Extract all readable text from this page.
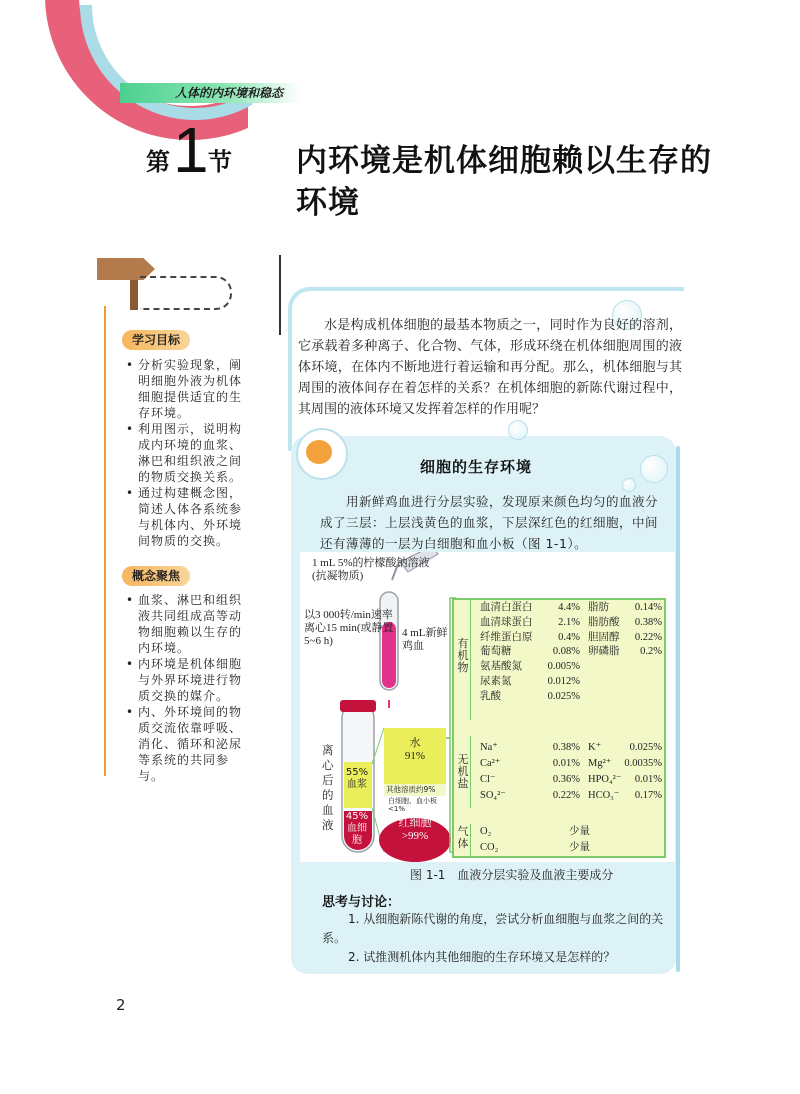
人体的内环境和稳态
第 1 节 内环境是机体细胞赖以生存的环境
学习目标
• 分析实验现象，阐明细胞外液为机体细胞提供适宜的生存环境。
• 利用图示，说明构成内环境的血浆、淋巴和组织液之间的物质交换关系。
• 通过构建概念图，简述人体各系统参与机体内、外环境间物质的交换。
概念聚焦
• 血浆、淋巴和组织液共同组成高等动物细胞赖以生存的内环境。
• 内环境是机体细胞与外界环境进行物质交换的媒介。
• 内、外环境间的物质交流依靠呼吸、消化、循环和泌尿等系统的共同参与。
水是构成机体细胞的最基本物质之一，同时作为良好的溶剂，它承载着多种离子、化合物、气体，形成环绕在机体细胞周围的液体环境，在体内不断地进行着运输和再分配。那么，机体细胞与其周围的液体间存在着怎样的关系？在机体细胞的新陈代谢过程中，其周围的液体环境又发挥着怎样的作用呢？
细胞的生存环境
用新鲜鸡血进行分层实验，发现原来颜色均匀的血液分成了三层：上层浅黄色的血浆，下层深红色的红细胞，中间还有薄薄的一层为白细胞和血小板（图 1-1）。
1 mL 5%的柠檬酸钠溶液(抗凝物质)
以3 000转/min速率离心15 min(或静置5~6 h)
4 mL新鲜鸡血
离心后的血液
55%血浆
45%血细胞
水91%
其他溶质约9%
白细胞、血小板<1%
红细胞>99%
有机物
无机盐
气体
血清白蛋白 4.4% 脂肪 0.14%
血清球蛋白 2.1% 脂肪酸 0.38%
纤维蛋白原 0.4% 胆固醇 0.22%
葡萄糖	0.08% 卵磷脂 0.2%
氨基酸氮 0.005%
尿素氮	0.012%
乳酸	0.025%
Na⁺	0.38% K⁺	0.025%
Ca²⁺	0.01% Mg²⁺ 0.0035%
Cl⁻	0.36% HPO₄²⁻ 0.01%
SO₄²⁻	0.22% HCO₃⁻ 0.17%
O₂	少量
CO₂	少量
图 1-1　血液分层实验及血液主要成分
思考与讨论：
1. 从细胞新陈代谢的角度，尝试分析血细胞与血浆之间的关系。
2. 试推测机体内其他细胞的生存环境又是怎样的？
2
